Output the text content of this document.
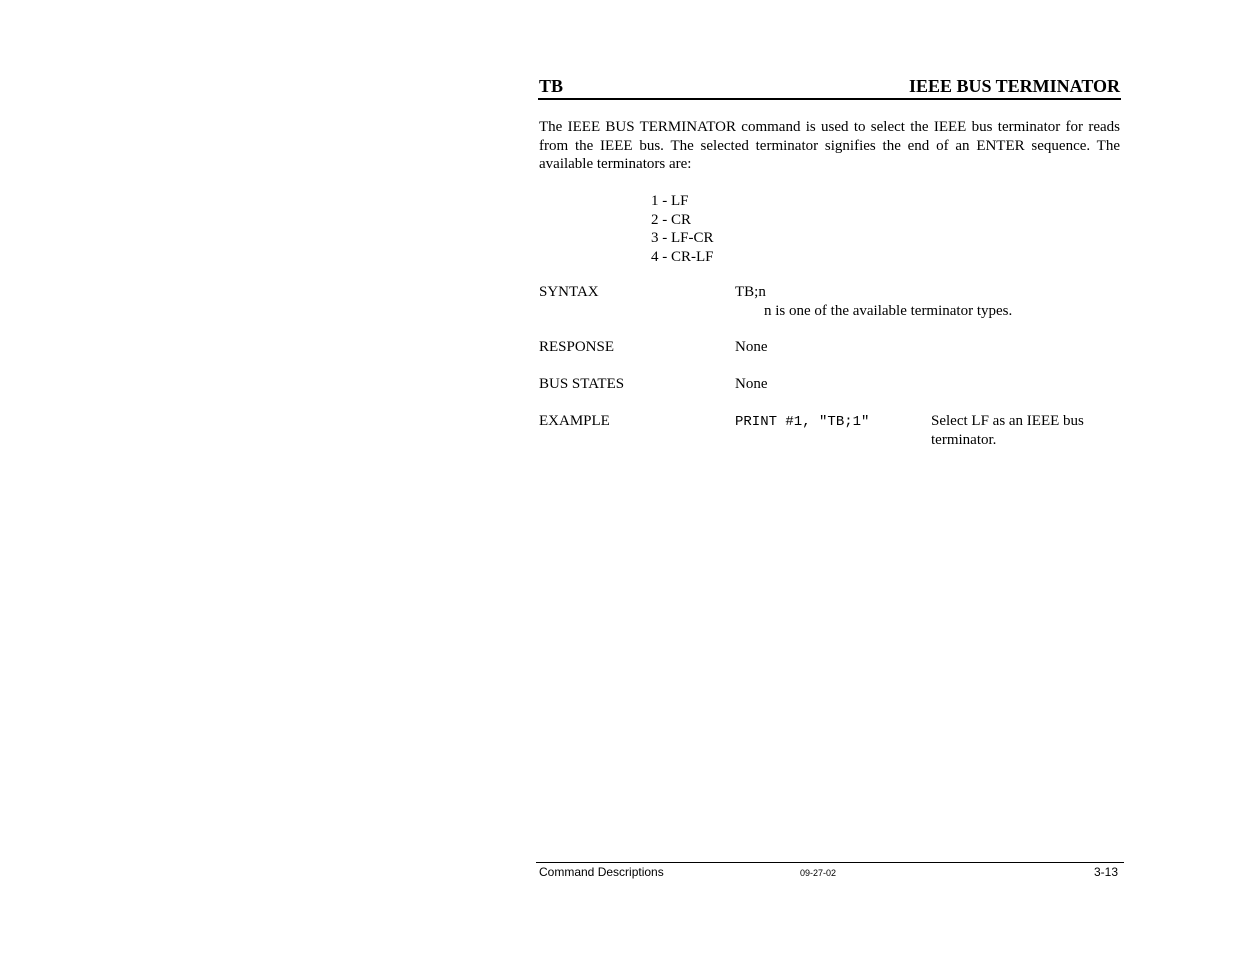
TB	IEEE BUS TERMINATOR

The IEEE BUS TERMINATOR command is used to select the IEEE bus terminator for reads from the IEEE bus. The selected terminator signifies the end of an ENTER sequence. The available terminators are:

1 - LF
2 - CR
3 - LF-CR
4 - CR-LF
SYNTAX	TB;n
n is one of the available terminator types.
RESPONSE	None
BUS STATES	None
EXAMPLE	PRINT #1, "TB;1"	Select LF as an IEEE bus terminator.
Command Descriptions	09-27-02	3-13
